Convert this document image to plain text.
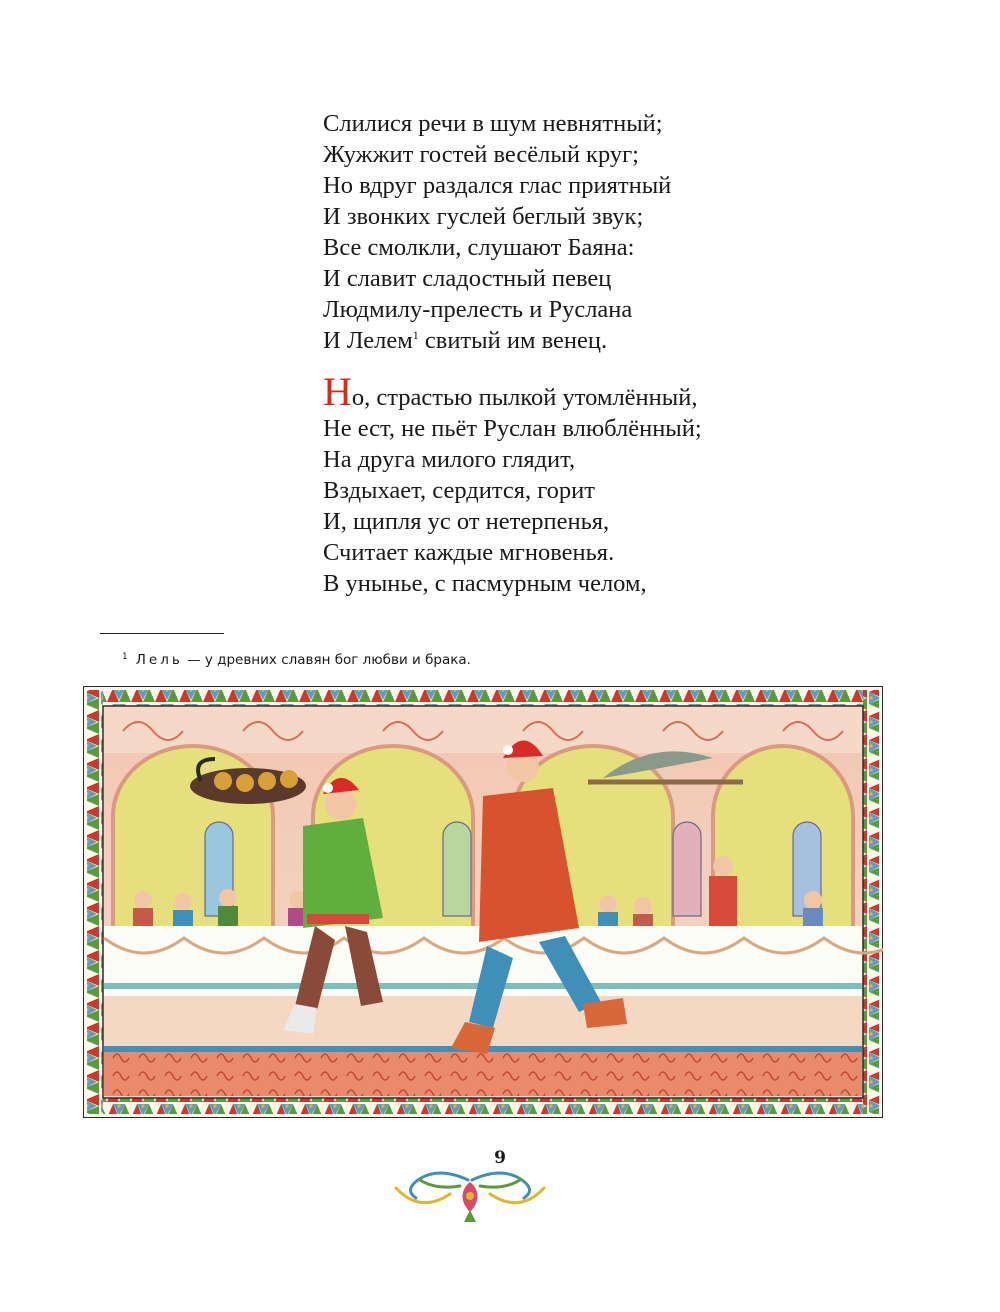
Слилися речи в шум невнятный;
Жужжит гостей весёлый круг;
Но вдруг раздался глас приятный
И звонких гуслей беглый звук;
Все смолкли, слушают Баяна:
И славит сладостный певец
Людмилу-прелесть и Руслана
И Лелем$^1$ свитый им венец.
Но, страстью пылкой утомлённый,
Не ест, не пьёт Руслан влюблённый;
На друга милого глядит,
Вздыхает, сердится, горит
И, щипля ус от нетерпенья,
Считает каждые мгновенья.
В унынье, с пасмурным челом,
$^1$ Лель — у древних славян бог любви и брака.
9
